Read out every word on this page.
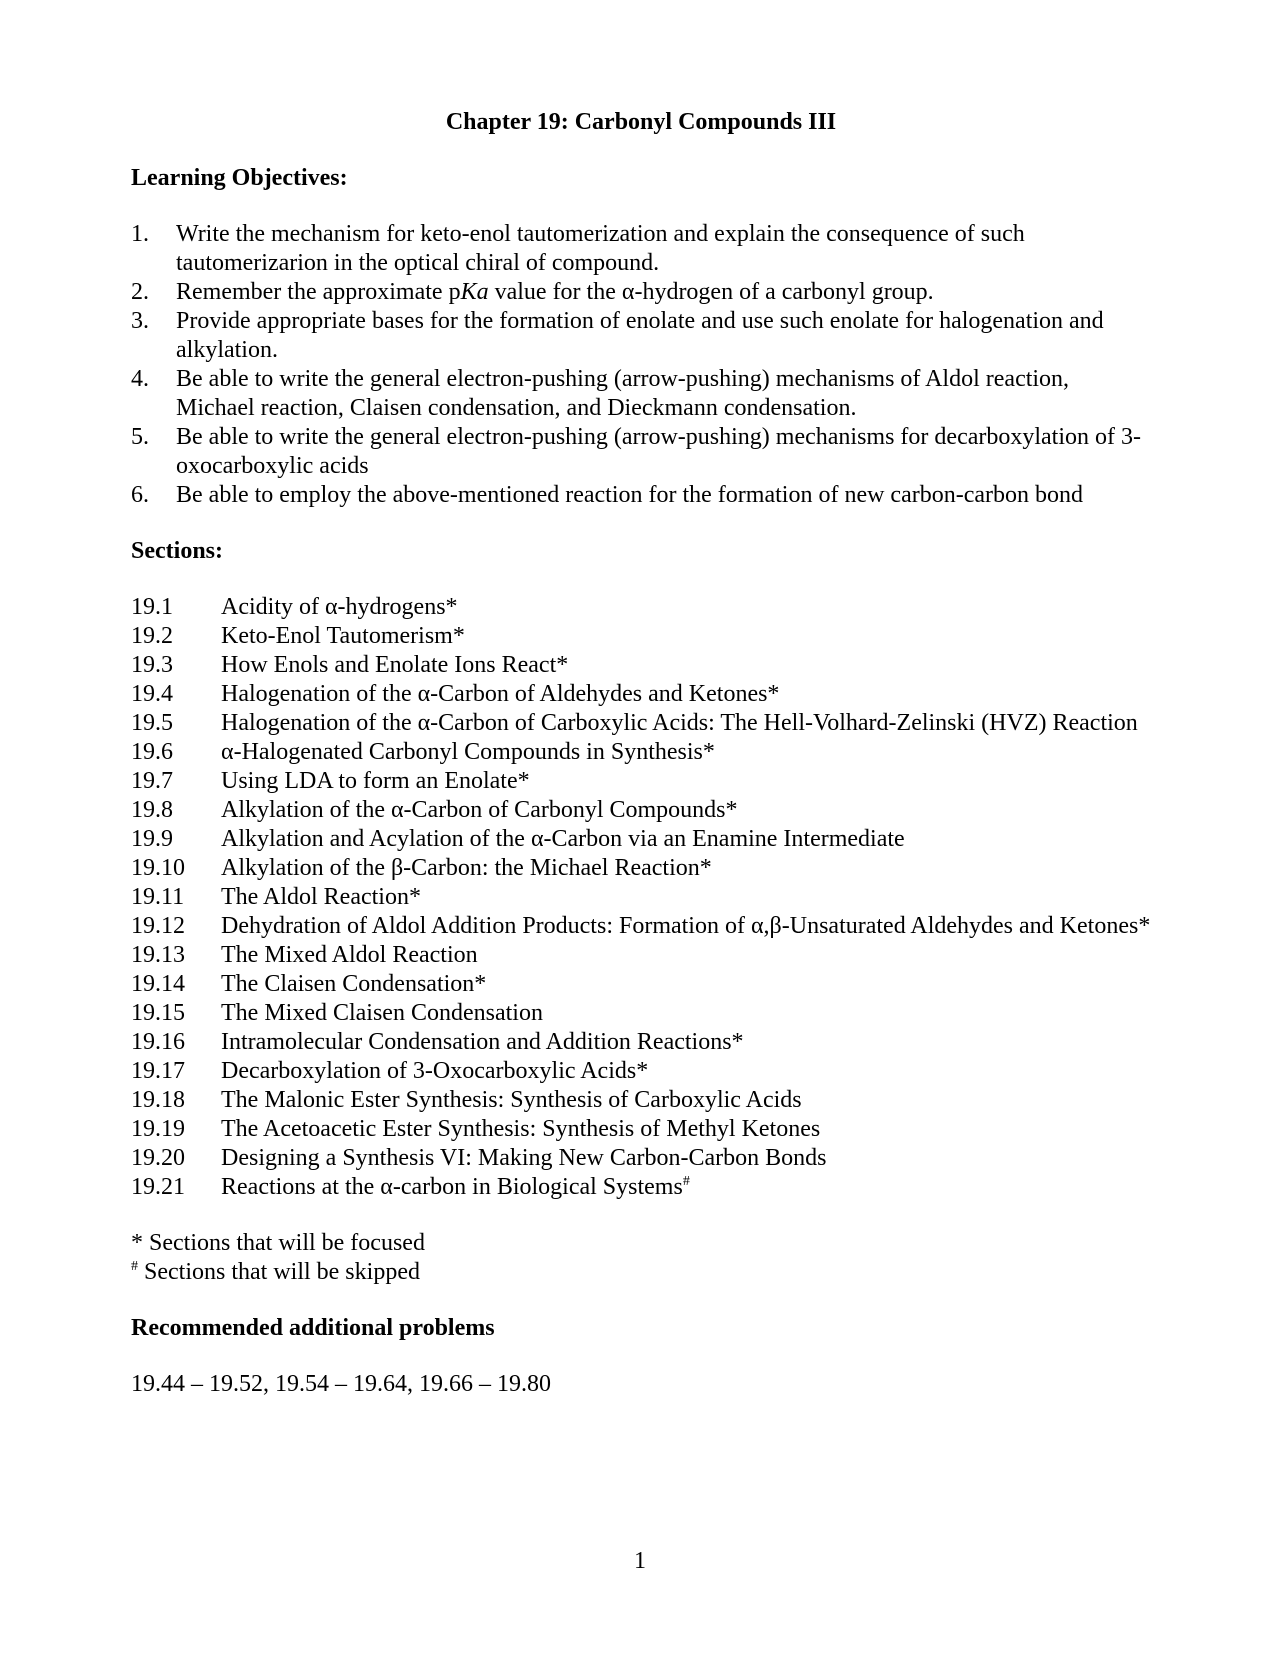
Chapter 19: Carbonyl Compounds III

Learning Objectives:

1.	Write the mechanism for keto-enol tautomerization and explain the consequence of such tautomerizarion in the optical chiral of compound.
2.	Remember the approximate pKa value for the α-hydrogen of a carbonyl group.
3.	Provide appropriate bases for the formation of enolate and use such enolate for halogenation and alkylation.
4.	Be able to write the general electron-pushing (arrow-pushing) mechanisms of Aldol reaction, Michael reaction, Claisen condensation, and Dieckmann condensation.
5.	Be able to write the general electron-pushing (arrow-pushing) mechanisms for decarboxylation of 3-oxocarboxylic acids
6.	Be able to employ the above-mentioned reaction for the formation of new carbon-carbon bond

Sections:

19.1	Acidity of α-hydrogens*
19.2	Keto-Enol Tautomerism*
19.3	How Enols and Enolate Ions React*
19.4	Halogenation of the α-Carbon of Aldehydes and Ketones*
19.5	Halogenation of the α-Carbon of Carboxylic Acids: The Hell-Volhard-Zelinski (HVZ) Reaction
19.6	α-Halogenated Carbonyl Compounds in Synthesis*
19.7	Using LDA to form an Enolate*
19.8	Alkylation of the α-Carbon of Carbonyl Compounds*
19.9	Alkylation and Acylation of the α-Carbon via an Enamine Intermediate
19.10	Alkylation of the β-Carbon: the Michael Reaction*
19.11	The Aldol Reaction*
19.12	Dehydration of Aldol Addition Products: Formation of α,β-Unsaturated Aldehydes and Ketones*
19.13	The Mixed Aldol Reaction
19.14	The Claisen Condensation*
19.15	The Mixed Claisen Condensation
19.16	Intramolecular Condensation and Addition Reactions*
19.17	Decarboxylation of 3-Oxocarboxylic Acids*
19.18	The Malonic Ester Synthesis: Synthesis of Carboxylic Acids
19.19	The Acetoacetic Ester Synthesis: Synthesis of Methyl Ketones
19.20	Designing a Synthesis VI: Making New Carbon-Carbon Bonds
19.21	Reactions at the α-carbon in Biological Systems#

* Sections that will be focused

# Sections that will be skipped

Recommended additional problems

19.44 – 19.52, 19.54 – 19.64, 19.66 – 19.80

1
